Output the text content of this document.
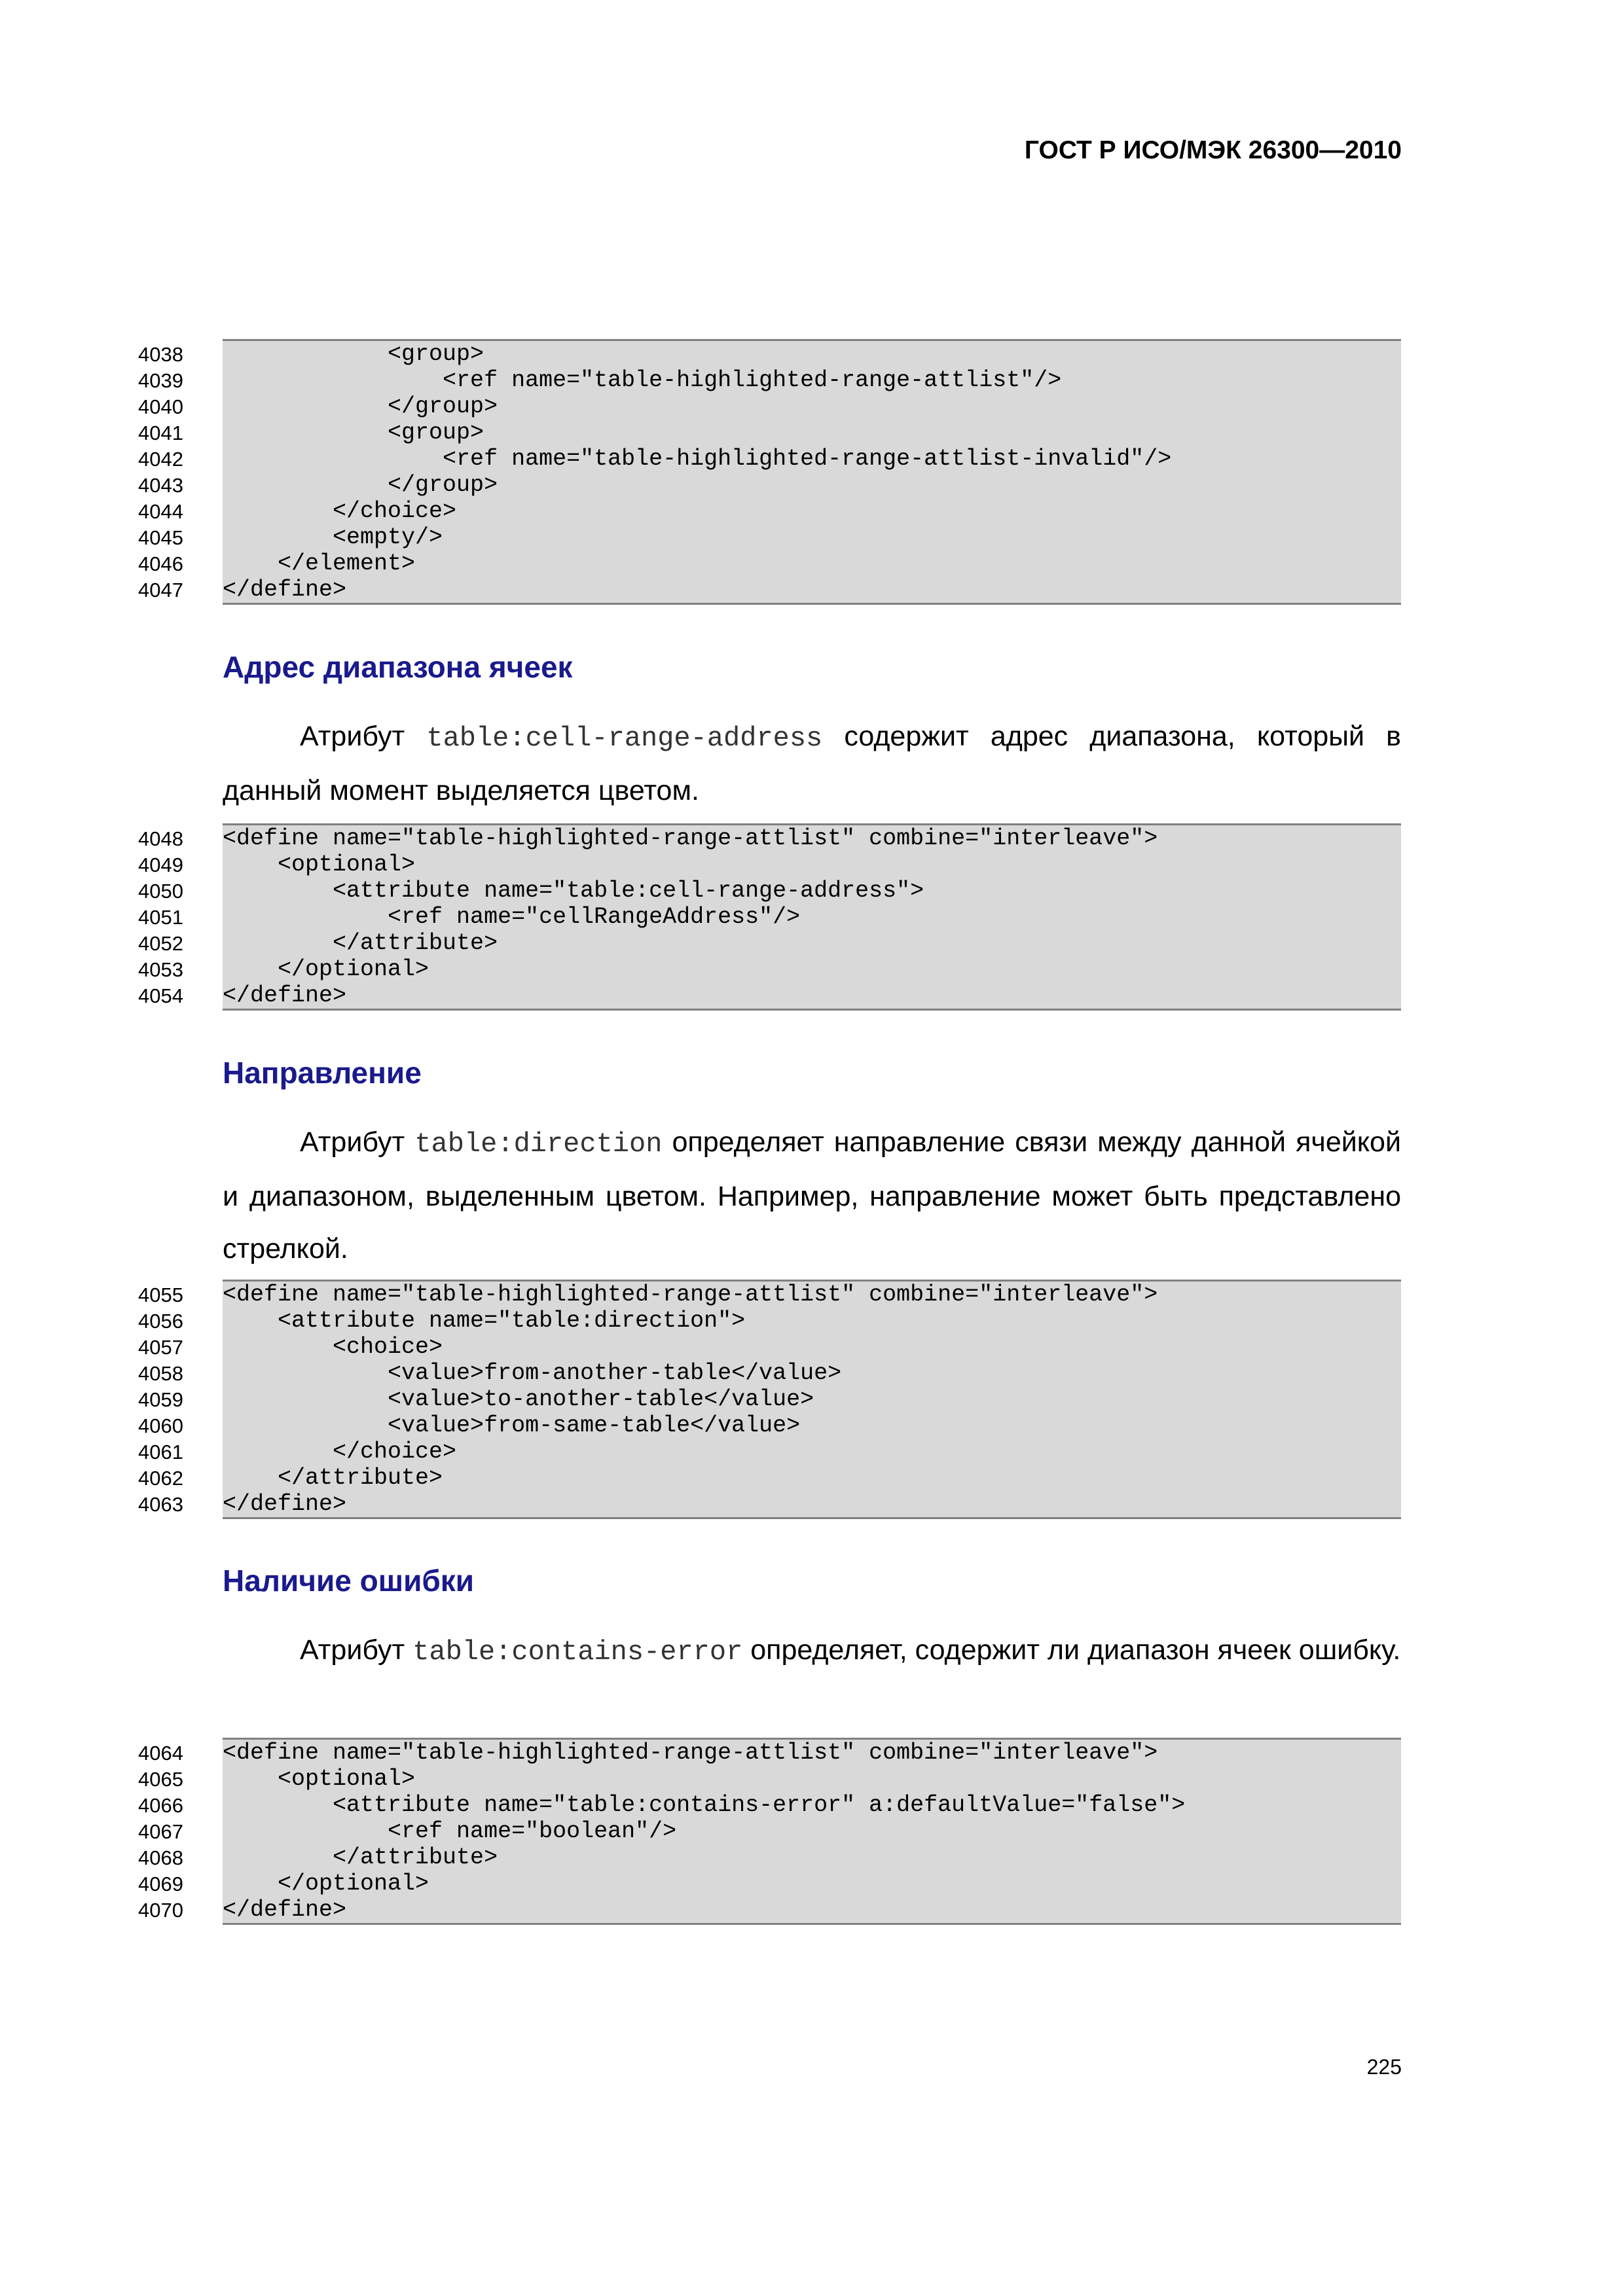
ГОСТ Р ИСО/МЭК 26300—2010

4038 <group>
4039 <ref name="table-highlighted-range-attlist"/>
4040 </group>
4041 <group>
4042 <ref name="table-highlighted-range-attlist-invalid"/>
4043 </group>
4044 </choice>
4045 <empty/>
4046 </element>
4047 </define>
Адрес диапазона ячеек

Атрибут table:cell-range-address содержит адрес диапазона, который в данный момент выделяется цветом.

4048 <define name="table-highlighted-range-attlist" combine="interleave">
4049 <optional>
4050 <attribute name="table:cell-range-address">
4051 <ref name="cellRangeAddress"/>
4052 </attribute>
4053 </optional>
4054 </define>
Направление

Атрибут table:direction определяет направление связи между данной ячейкой и диапазоном, выделенным цветом. Например, направление может быть представлено стрелкой.

4055 <define name="table-highlighted-range-attlist" combine="interleave">
4056 <attribute name="table:direction">
4057 <choice>
4058 <value>from-another-table</value>
4059 <value>to-another-table</value>
4060 <value>from-same-table</value>
4061 </choice>
4062 </attribute>
4063 </define>
Наличие ошибки

Атрибут table:contains-error определяет, содержит ли диапазон ячеек ошибку.

4064 <define name="table-highlighted-range-attlist" combine="interleave">
4065 <optional>
4066 <attribute name="table:contains-error" a:defaultValue="false">
4067 <ref name="boolean"/>
4068 </attribute>
4069 </optional>
4070 </define>

225
